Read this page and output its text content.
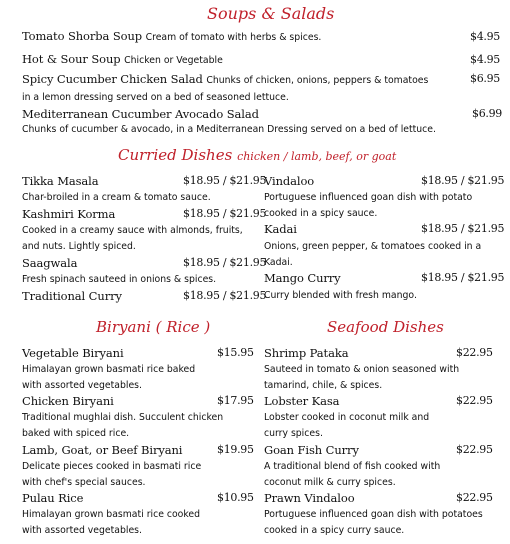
Soups & Salads
Tomato Shorba Soup Cream of tomato with herbs & spices.	$4.95
Hot & Sour Soup Chicken or Vegetable	$4.95
Spicy Cucumber Chicken Salad Chunks of chicken, onions, peppers & tomatoes	$6.95
in a lemon dressing served on a bed of seasoned lettuce.
Mediterranean Cucumber Avocado Salad	$6.99
Chunks of cucumber & avocado, in a Mediterranean Dressing served on a bed of lettuce.
Curried Dishes chicken / lamb, beef, or goat
Tikka Masala	$18.95 / $21.95
Char-broiled in a cream & tomato sauce.
Kashmiri Korma	$18.95 / $21.95
Cooked in a creamy sauce with almonds, fruits,
and nuts. Lightly spiced.
Saagwala	$18.95 / $21.95
Fresh spinach sauteed in onions & spices.
Traditional Curry	$18.95 / $21.95
Vindaloo	$18.95 / $21.95
Portuguese influenced goan dish with potato
cooked in a spicy sauce.
Kadai	$18.95 / $21.95
Onions, green pepper, & tomatoes cooked in a
Kadai.
Mango Curry	$18.95 / $21.95
Curry blended with fresh mango.
Biryani ( Rice )
Vegetable Biryani	$15.95
Himalayan grown basmati rice baked
with assorted vegetables.
Chicken Biryani	$17.95
Traditional mughlai dish. Succulent chicken
baked with spiced rice.
Lamb, Goat, or Beef Biryani	$19.95
Delicate pieces cooked in basmati rice
with chef's special sauces.
Pulau Rice	$10.95
Himalayan grown basmati rice cooked
with assorted vegetables.
Seafood Dishes
Shrimp Pataka	$22.95
Sauteed in tomato & onion seasoned with
tamarind, chile, & spices.
Lobster Kasa	$22.95
Lobster cooked in coconut milk and
curry spices.
Goan Fish Curry	$22.95
A traditional blend of fish cooked with
coconut milk & curry spices.
Prawn Vindaloo	$22.95
Portuguese influenced goan dish with potatoes
cooked in a spicy curry sauce.
